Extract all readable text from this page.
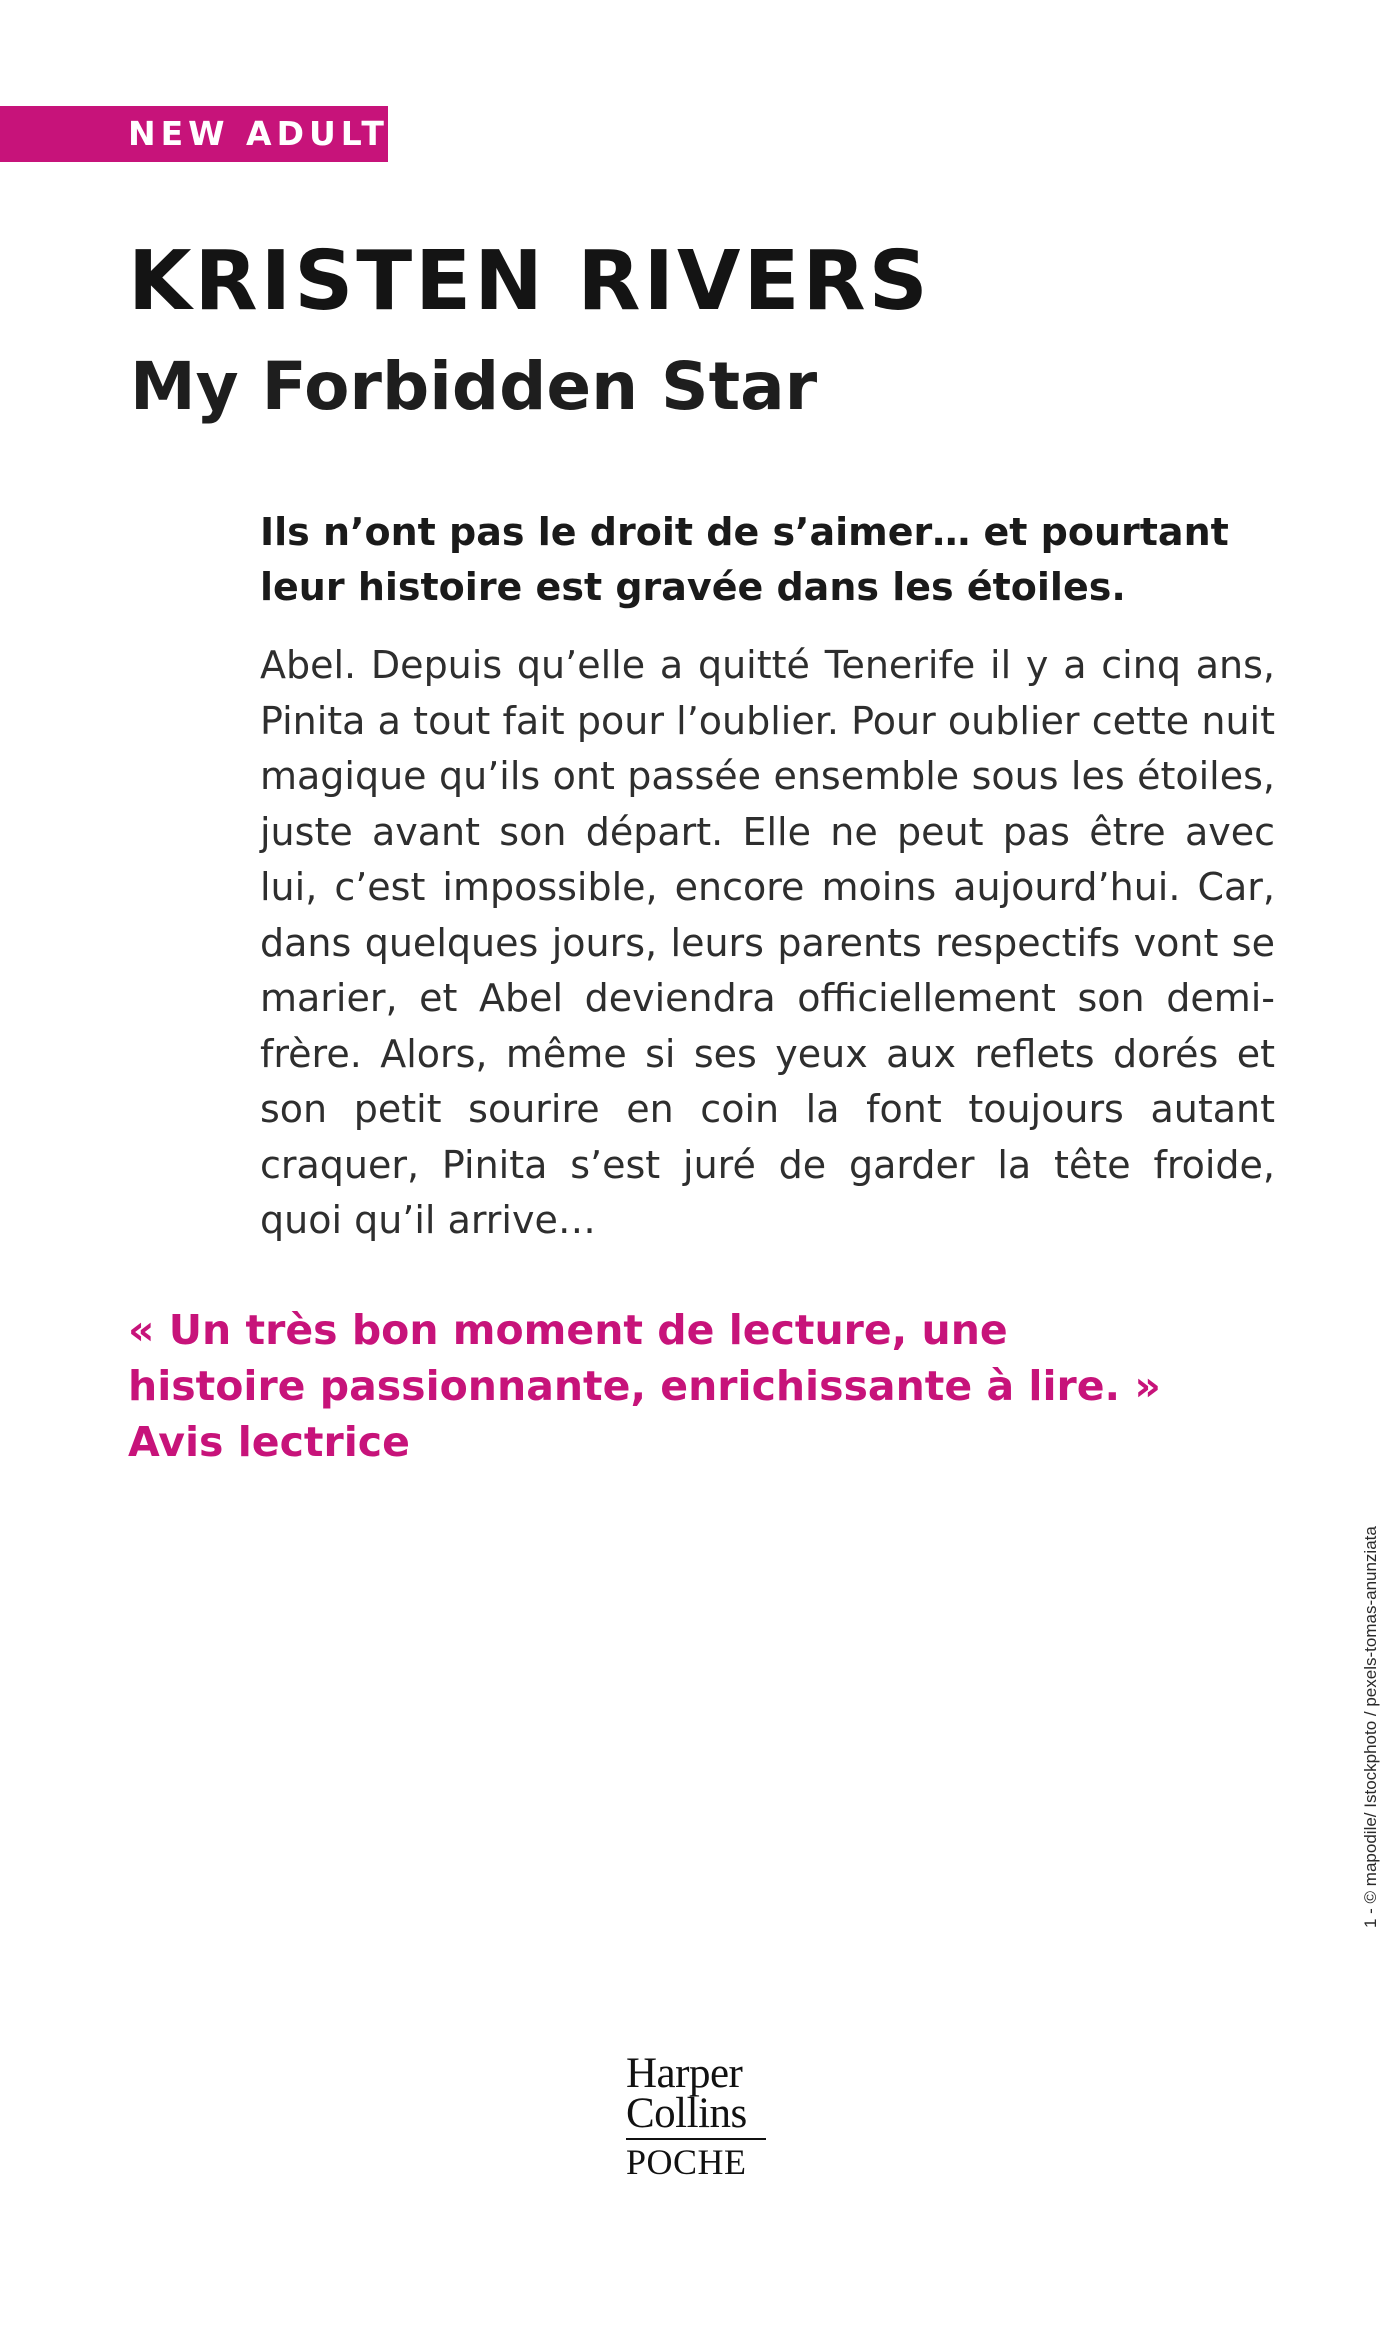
NEW ADULT
KRISTEN RIVERS
My Forbidden Star

Ils n’ont pas le droit de s’aimer… et pourtant leur histoire est gravée dans les étoiles.

Abel. Depuis qu’elle a quitté Tenerife il y a cinq ans, Pinita a tout fait pour l’oublier. Pour oublier cette nuit magique qu’ils ont passée ensemble sous les étoiles, juste avant son départ. Elle ne peut pas être avec lui, c’est impossible, encore moins aujourd’hui. Car, dans quelques jours, leurs parents respectifs vont se marier, et Abel deviendra officiellement son demi-frère. Alors, même si ses yeux aux reflets dorés et son petit sourire en coin la font toujours autant craquer, Pinita s’est juré de garder la tête froide, quoi qu’il arrive…

« Un très bon moment de lecture, une histoire passionnante, enrichissante à lire. »
Avis lectrice
1 - © mapodile/ Istockphoto / pexels-tomas-anunziata
Harper
Collins
POCHE
